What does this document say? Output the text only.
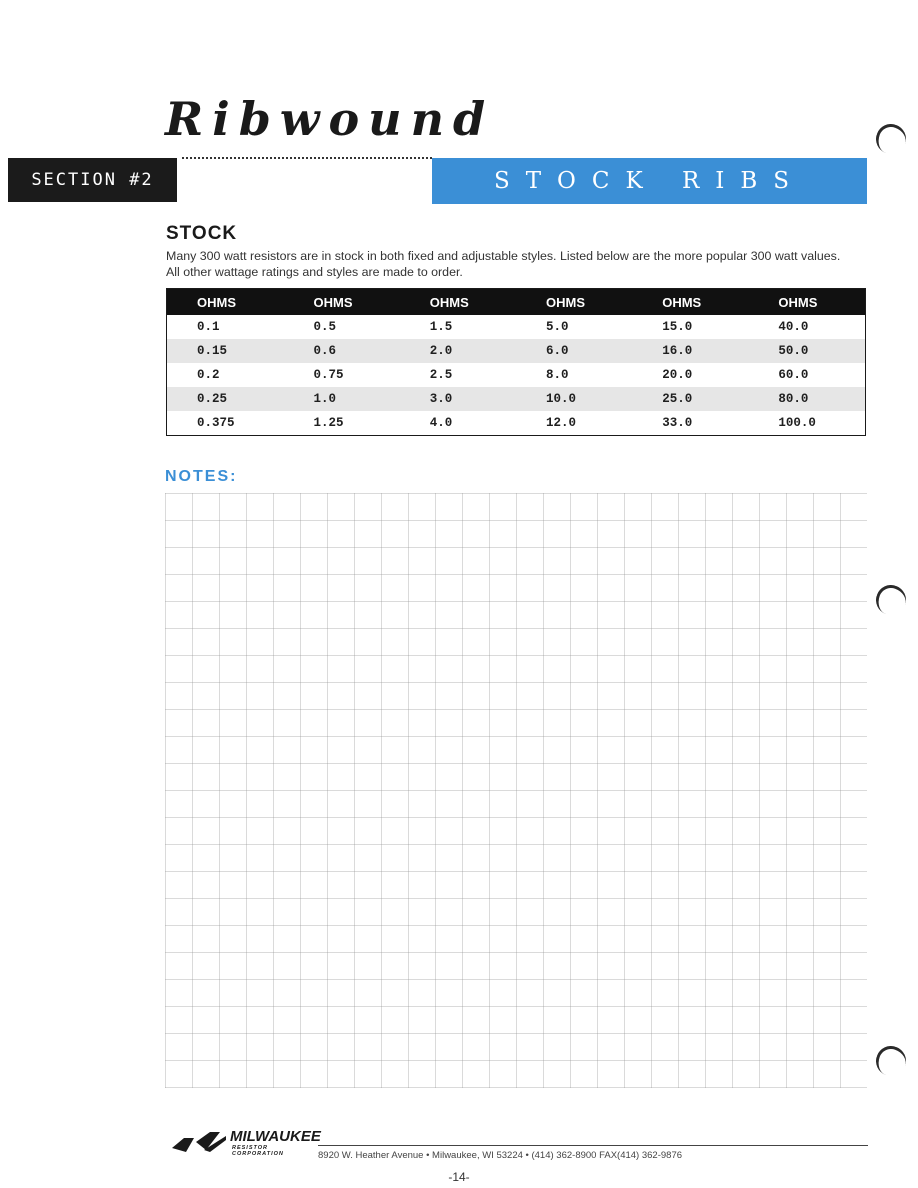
Ribwound
SECTION #2	STOCK RIBS
STOCK

Many 300 watt resistors are in stock in both fixed and adjustable styles. Listed below are the more popular 300 watt values. All other wattage ratings and styles are made to order.

OHMS	OHMS	OHMS	OHMS	OHMS	OHMS
0.1	0.5	1.5	5.0	15.0	40.0
0.15	0.6	2.0	6.0	16.0	50.0
0.2	0.75	2.5	8.0	20.0	60.0
0.25	1.0	3.0	10.0	25.0	80.0
0.375	1.25	4.0	12.0	33.0	100.0
NOTES:
MILWAUKEE
RESISTOR CORPORATION	8920 W. Heather Avenue • Milwaukee, WI 53224 • (414) 362-8900 FAX(414) 362-9876
-14-
